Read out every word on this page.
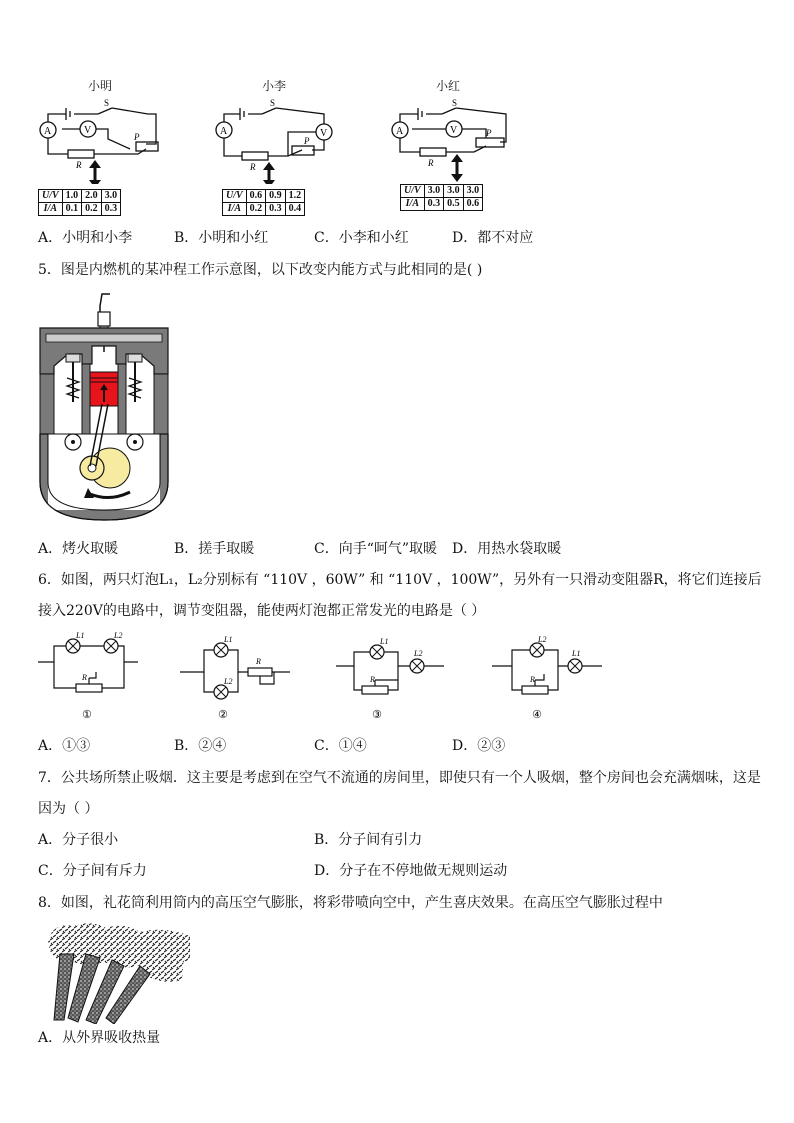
小明
A	V
S
R
P
U/V	1.0	2.0	3.0
I/A	0.1	0.2	0.3
小李
A	V
S
R
P
U/V	0.6	0.9	1.2
I/A	0.2	0.3	0.4
小红
A	V
S
R
P
U/V	3.0	3.0	3.0
I/A	0.3	0.5	0.6
A．小明和小李	B．小明和小红	C．小李和小红	D．都不对应
5．图是内燃机的某冲程工作示意图，以下改变内能方式与此相同的是( )
A．烤火取暖	B．搓手取暖	C．向手“呵气”取暖 D．用热水袋取暖
6．如图，两只灯泡L₁，L₂分别标有 “110V ，60W” 和 “110V ，100W”，另外有一只滑动变阻器R，将它们连接后
接入220V的电路中，调节变阻器，能使两灯泡都正常发光的电路是（ ）
L1	L2
R
①
L1
L2
R
②
L1
L2
R
③
L2
L1
R
④
A．①③	B．②④	C．①④	D．②③
7．公共场所禁止吸烟．这主要是考虑到在空气不流通的房间里，即使只有一个人吸烟，整个房间也会充满烟味，这是
因为（ ）
A．分子很小	B．分子间有引力
C．分子间有斥力	D．分子在不停地做无规则运动
8．如图，礼花筒利用筒内的高压空气膨胀，将彩带喷向空中，产生喜庆效果。在高压空气膨胀过程中
A．从外界吸收热量
